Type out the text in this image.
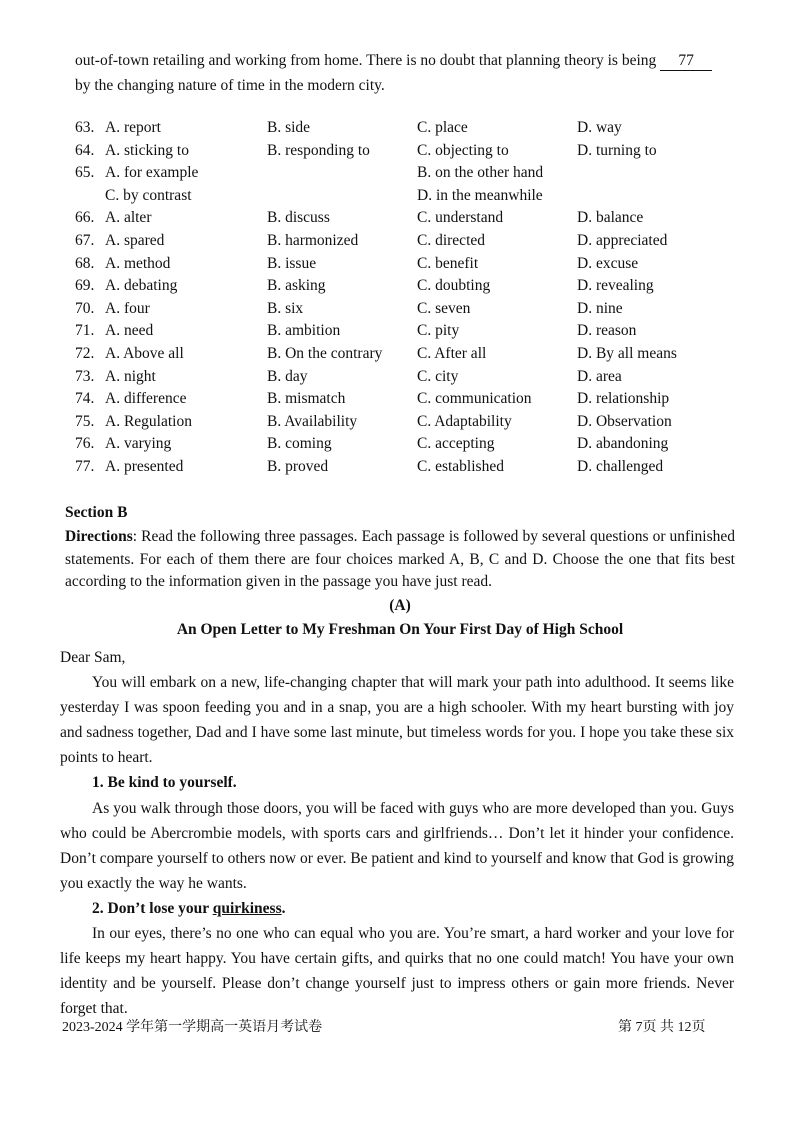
out-of-town retailing and working from home. There is no doubt that planning theory is being 77
by the changing nature of time in the modern city.
63. A. report	B. side	C. place	D. way
64. A. sticking to	B. responding to	C. objecting to	D. turning to
65. A. for example	B. on the other hand
C. by contrast	D. in the meanwhile
66. A. alter	B. discuss	C. understand	D. balance
67. A. spared	B. harmonized	C. directed	D. appreciated
68. A. method	B. issue	C. benefit	D. excuse
69. A. debating	B. asking	C. doubting	D. revealing
70. A. four	B. six	C. seven	D. nine
71. A. need	B. ambition	C. pity	D. reason
72. A. Above all	B. On the contrary C. After all	D. By all means
73. A. night	B. day	C. city	D. area
74. A. difference	B. mismatch	C. communication	D. relationship
75. A. Regulation	B. Availability	C. Adaptability	D. Observation
76. A. varying	B. coming	C. accepting	D. abandoning
77. A. presented	B. proved	C. established	D. challenged
Section B
Directions: Read the following three passages. Each passage is followed by several questions or unfinished statements. For each of them there are four choices marked A, B, C and D. Choose the one that fits best according to the information given in the passage you have just read.
(A)
An Open Letter to My Freshman On Your First Day of High School

Dear Sam,

You will embark on a new, life-changing chapter that will mark your path into adulthood. It seems like yesterday I was spoon feeding you and in a snap, you are a high schooler. With my heart bursting with joy and sadness together, Dad and I have some last minute, but timeless words for you. I hope you take these six points to heart.

1. Be kind to yourself.

As you walk through those doors, you will be faced with guys who are more developed than you. Guys who could be Abercrombie models, with sports cars and girlfriends… Don’t let it hinder your confidence. Don’t compare yourself to others now or ever. Be patient and kind to yourself and know that God is growing you exactly the way he wants.

2. Don’t lose your quirkiness.

In our eyes, there’s no one who can equal who you are. You’re smart, a hard worker and your love for life keeps my heart happy. You have certain gifts, and quirks that no one could match! You have your own identity and be yourself. Please don’t change yourself just to impress others or gain more friends. Never forget that.

2023-2024 学年第一学期高一英语月考试卷	第 7页 共 12页
